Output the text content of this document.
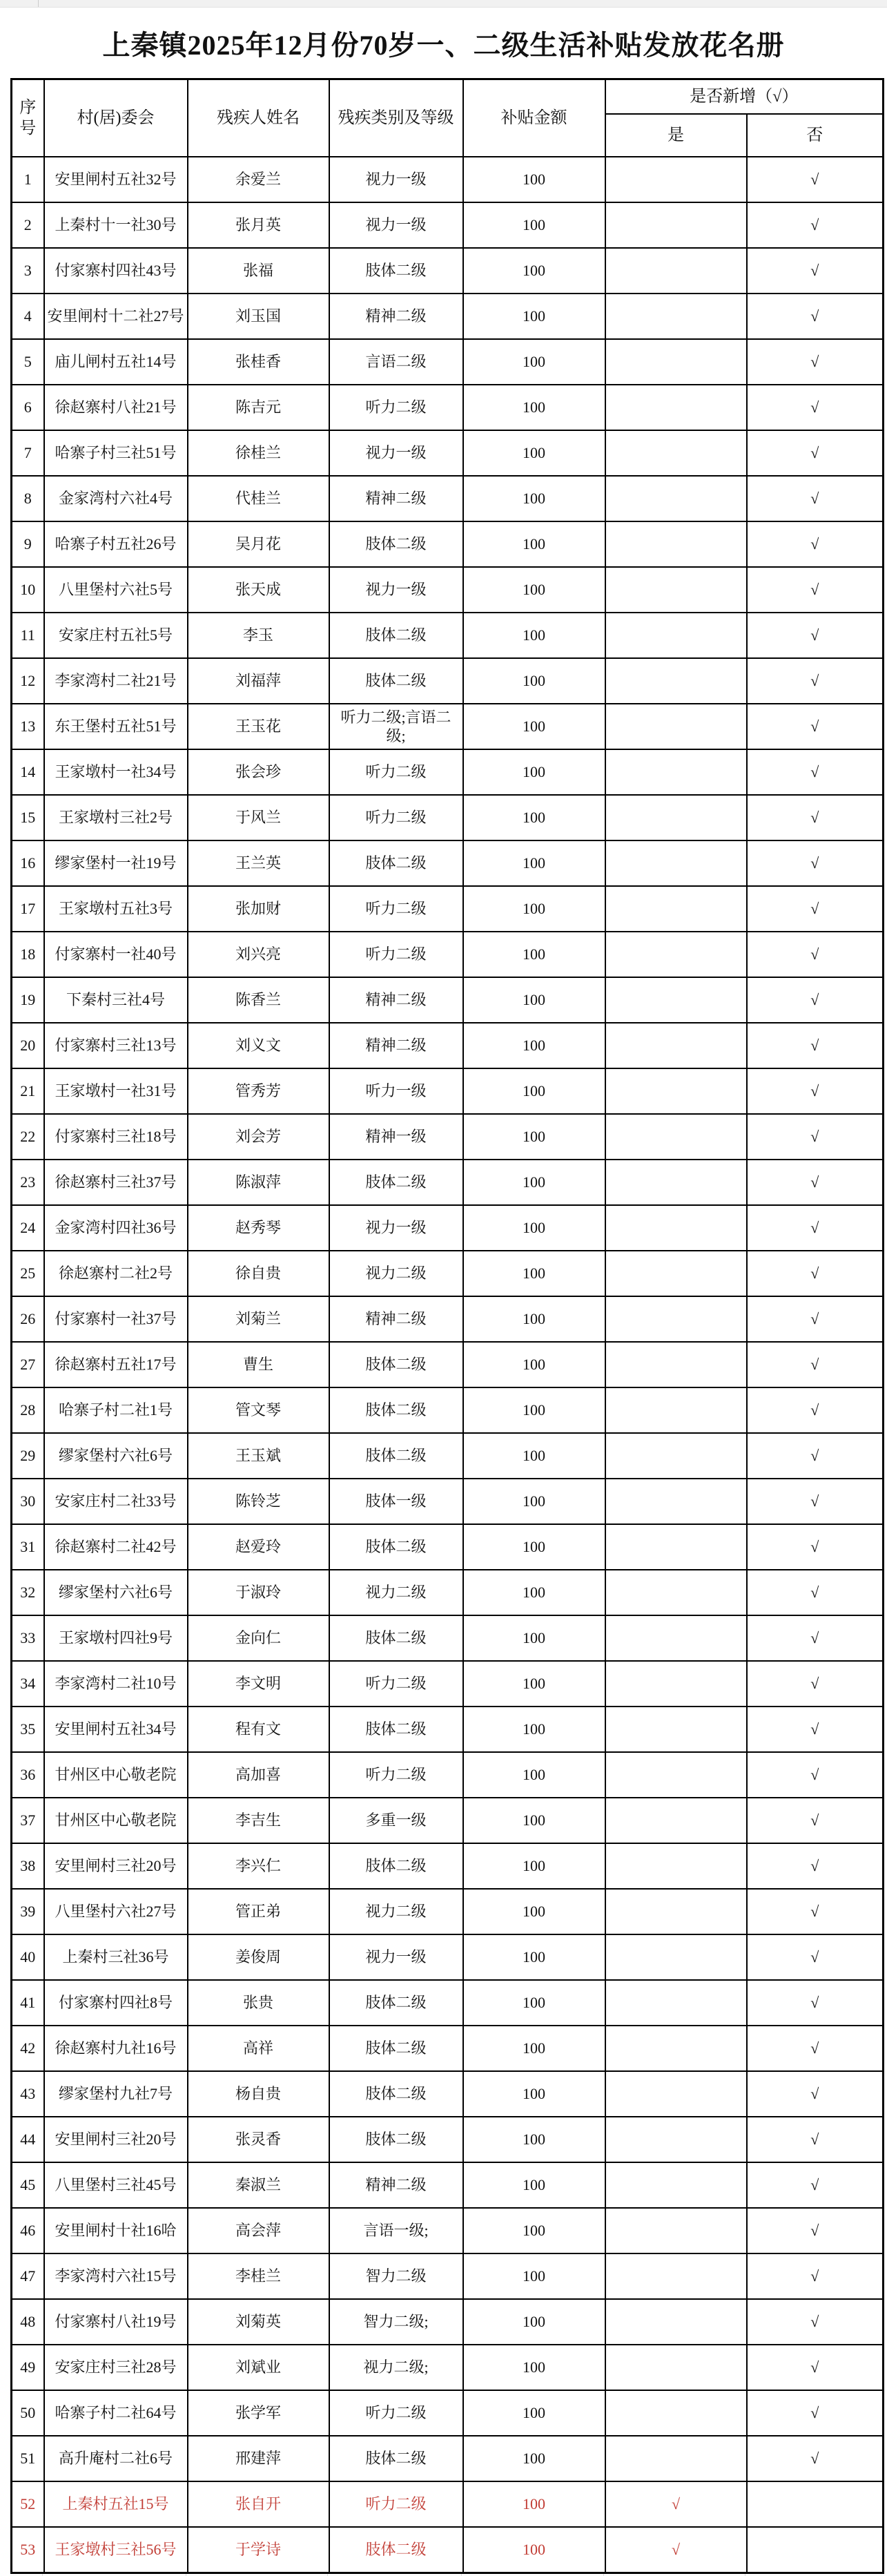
上秦镇2025年12月份70岁一、二级生活补贴发放花名册
序号	村(居)委会	残疾人姓名	残疾类别及等级	补贴金额	是否新增（√）	
					是	否
1	安里闸村五社32号	余爱兰	视力一级	100		√
2	上秦村十一社30号	张月英	视力一级	100		√
3	付家寨村四社43号	张福	肢体二级	100		√
4	安里闸村十二社27号	刘玉国	精神二级	100		√
5	庙儿闸村五社14号	张桂香	言语二级	100		√
6	徐赵寨村八社21号	陈吉元	听力二级	100		√
7	哈寨子村三社51号	徐桂兰	视力一级	100		√
8	金家湾村六社4号	代桂兰	精神二级	100		√
9	哈寨子村五社26号	吴月花	肢体二级	100		√
10	八里堡村六社5号	张天成	视力一级	100		√
11	安家庄村五社5号	李玉	肢体二级	100		√
12	李家湾村二社21号	刘福萍	肢体二级	100		√
13	东王堡村五社51号	王玉花	听力二级;言语二级;	100		√
14	王家墩村一社34号	张会珍	听力二级	100		√
15	王家墩村三社2号	于风兰	听力二级	100		√
16	缪家堡村一社19号	王兰英	肢体二级	100		√
17	王家墩村五社3号	张加财	听力二级	100		√
18	付家寨村一社40号	刘兴亮	听力二级	100		√
19	下秦村三社4号	陈香兰	精神二级	100		√
20	付家寨村三社13号	刘义文	精神二级	100		√
21	王家墩村一社31号	管秀芳	听力一级	100		√
22	付家寨村三社18号	刘会芳	精神一级	100		√
23	徐赵寨村三社37号	陈淑萍	肢体二级	100		√
24	金家湾村四社36号	赵秀琴	视力一级	100		√
25	徐赵寨村二社2号	徐自贵	视力二级	100		√
26	付家寨村一社37号	刘菊兰	精神二级	100		√
27	徐赵寨村五社17号	曹生	肢体二级	100		√
28	哈寨子村二社1号	管文琴	肢体二级	100		√
29	缪家堡村六社6号	王玉斌	肢体二级	100		√
30	安家庄村二社33号	陈铃芝	肢体一级	100		√
31	徐赵寨村二社42号	赵爱玲	肢体二级	100		√
32	缪家堡村六社6号	于淑玲	视力二级	100		√
33	王家墩村四社9号	金向仁	肢体二级	100		√
34	李家湾村二社10号	李文明	听力二级	100		√
35	安里闸村五社34号	程有文	肢体二级	100		√
36	甘州区中心敬老院	高加喜	听力二级	100		√
37	甘州区中心敬老院	李吉生	多重一级	100		√
38	安里闸村三社20号	李兴仁	肢体二级	100		√
39	八里堡村六社27号	管正弟	视力二级	100		√
40	上秦村三社36号	姜俊周	视力一级	100		√
41	付家寨村四社8号	张贵	肢体二级	100		√
42	徐赵寨村九社16号	高祥	肢体二级	100		√
43	缪家堡村九社7号	杨自贵	肢体二级	100		√
44	安里闸村三社20号	张灵香	肢体二级	100		√
45	八里堡村三社45号	秦淑兰	精神二级	100		√
46	安里闸村十社16哈	高会萍	言语一级;	100		√
47	李家湾村六社15号	李桂兰	智力二级	100		√
48	付家寨村八社19号	刘菊英	智力二级;	100		√
49	安家庄村三社28号	刘斌业	视力二级;	100		√
50	哈寨子村二社64号	张学军	听力二级	100		√
51	高升庵村二社6号	邢建萍	肢体二级	100		√
52	上秦村五社15号	张自开	听力二级	100	√	
53	王家墩村三社56号	于学诗	肢体二级	100	√	
